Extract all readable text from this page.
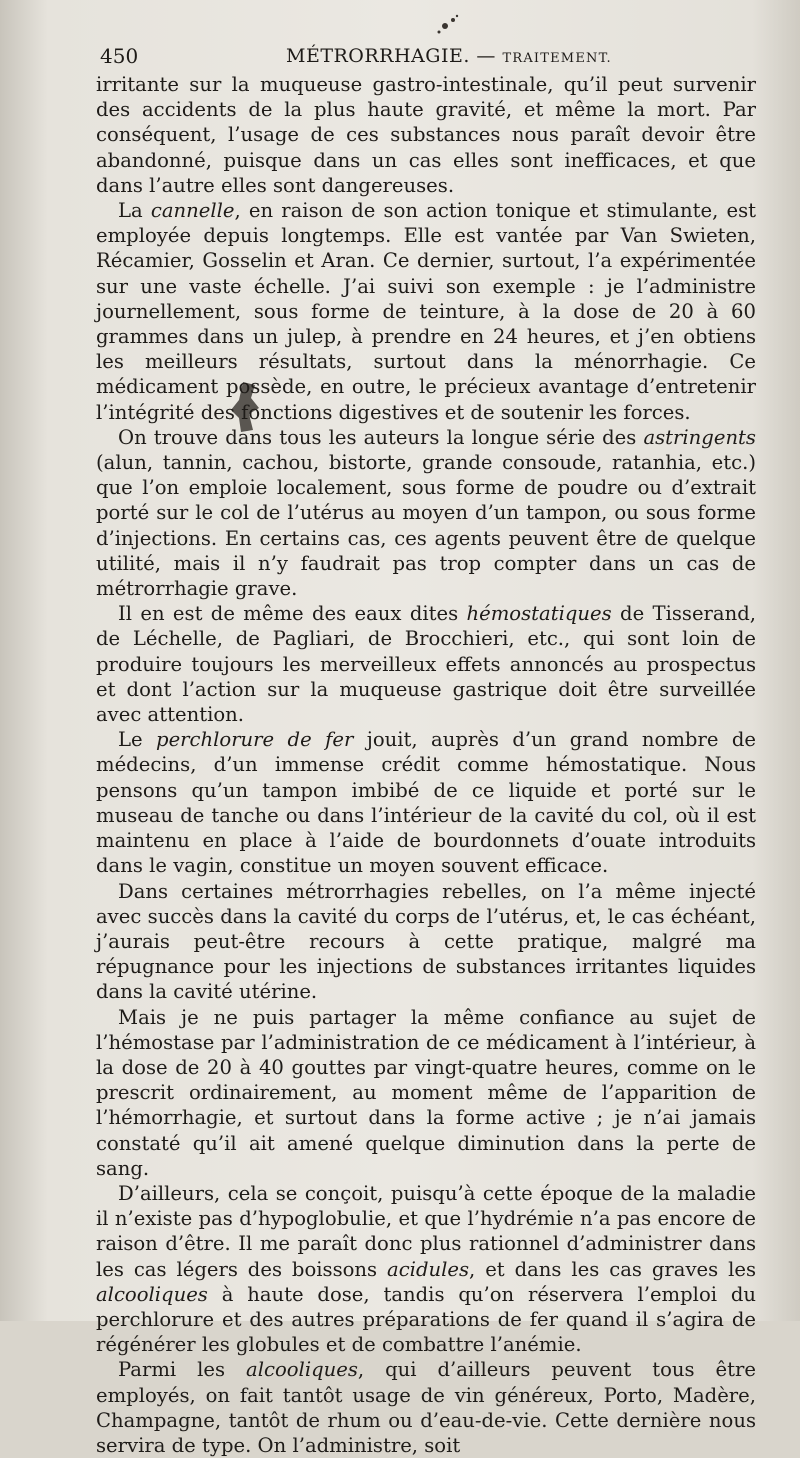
450	MÉTRORRHAGIE. — TRAITEMENT.

irritante sur la muqueuse gastro-intestinale, qu’il peut survenir des accidents de la plus haute gravité, et même la mort. Par conséquent, l’usage de ces substances nous paraît devoir être abandonné, puisque dans un cas elles sont inefficaces, et que dans l’autre elles sont dangereuses.

La cannelle, en raison de son action tonique et stimulante, est employée depuis longtemps. Elle est vantée par Van Swieten, Récamier, Gosselin et Aran. Ce dernier, surtout, l’a expérimentée sur une vaste échelle. J’ai suivi son exemple : je l’administre journellement, sous forme de teinture, à la dose de 20 à 60 grammes dans un julep, à prendre en 24 heures, et j’en obtiens les meilleurs résultats, surtout dans la ménorrhagie. Ce médicament possède, en outre, le précieux avantage d’entretenir l’intégrité des fonctions digestives et de soutenir les forces.

On trouve dans tous les auteurs la longue série des astringents (alun, tannin, cachou, bistorte, grande consoude, ratanhia, etc.) que l’on emploie localement, sous forme de poudre ou d’extrait porté sur le col de l’utérus au moyen d’un tampon, ou sous forme d’injections. En certains cas, ces agents peuvent être de quelque utilité, mais il n’y faudrait pas trop compter dans un cas de métrorrhagie grave.

Il en est de même des eaux dites hémostatiques de Tisserand, de Léchelle, de Pagliari, de Brocchieri, etc., qui sont loin de produire toujours les merveilleux effets annoncés au prospectus et dont l’action sur la muqueuse gastrique doit être surveillée avec attention.

Le perchlorure de fer jouit, auprès d’un grand nombre de médecins, d’un immense crédit comme hémostatique. Nous pensons qu’un tampon imbibé de ce liquide et porté sur le museau de tanche ou dans l’intérieur de la cavité du col, où il est maintenu en place à l’aide de bourdonnets d’ouate introduits dans le vagin, constitue un moyen souvent efficace.

Dans certaines métrorrhagies rebelles, on l’a même injecté avec succès dans la cavité du corps de l’utérus, et, le cas échéant, j’aurais peut-être recours à cette pratique, malgré ma répugnance pour les injections de substances irritantes liquides dans la cavité utérine.

Mais je ne puis partager la même confiance au sujet de l’hémostase par l’administration de ce médicament à l’intérieur, à la dose de 20 à 40 gouttes par vingt-quatre heures, comme on le prescrit ordinairement, au moment même de l’apparition de l’hémorrhagie, et surtout dans la forme active ; je n’ai jamais constaté qu’il ait amené quelque diminution dans la perte de sang.

D’ailleurs, cela se conçoit, puisqu’à cette époque de la maladie il n’existe pas d’hypoglobulie, et que l’hydrémie n’a pas encore de raison d’être. Il me paraît donc plus rationnel d’administrer dans les cas légers des boissons acidules, et dans les cas graves les alcooliques à haute dose, tandis qu’on réservera l’emploi du perchlorure et des autres préparations de fer quand il s’agira de régénérer les globules et de combattre l’anémie.

Parmi les alcooliques, qui d’ailleurs peuvent tous être employés, on fait tantôt usage de vin généreux, Porto, Madère, Champagne, tantôt de rhum ou d’eau-de-vie. Cette dernière nous servira de type. On l’administre, soit
